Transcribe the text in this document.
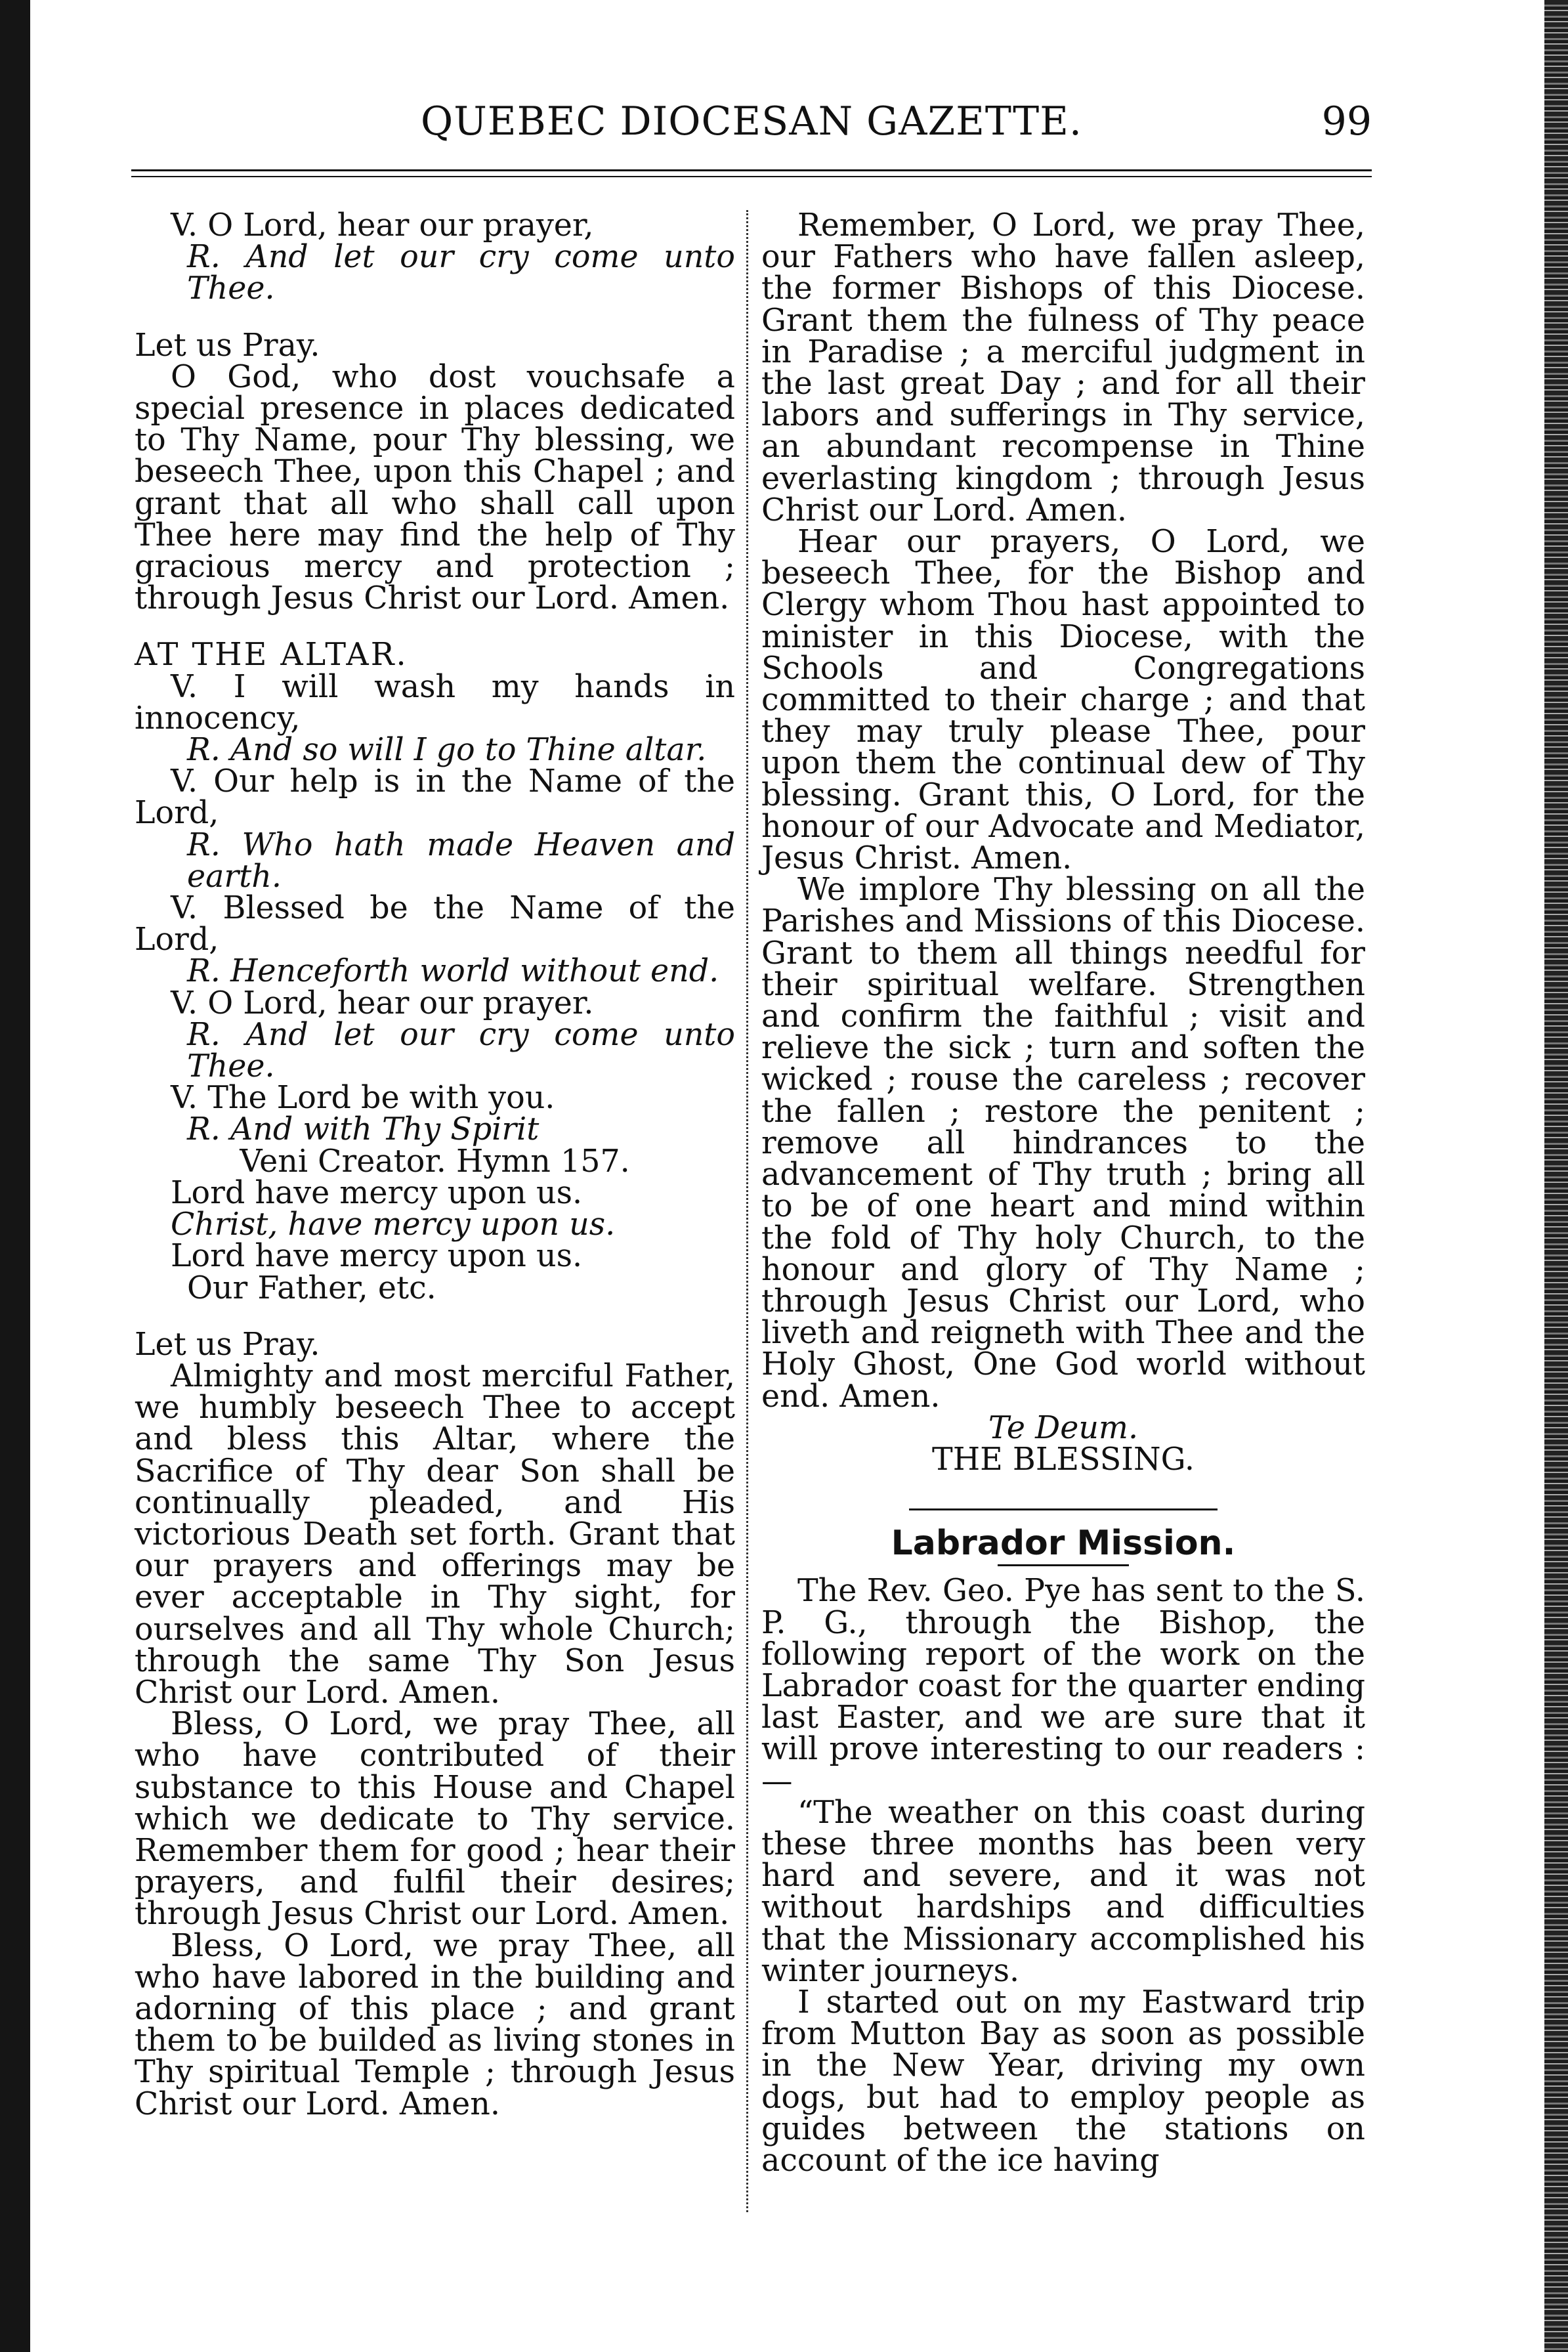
QUEBEC DIOCESAN GAZETTE.	99

V. O Lord, hear our prayer,

R. And let our cry come unto Thee.

Let us Pray.

O God, who dost vouchsafe a special presence in places dedicated to Thy Name, pour Thy blessing, we beseech Thee, upon this Chapel ; and grant that all who shall call upon Thee here may find the help of Thy gracious mercy and protection ; through Jesus Christ our Lord. Amen.

AT THE ALTAR.

V. I will wash my hands in innocency,

R. And so will I go to Thine altar.

V. Our help is in the Name of the Lord,

R. Who hath made Heaven and earth.

V. Blessed be the Name of the Lord,

R. Henceforth world without end.

V. O Lord, hear our prayer.

R. And let our cry come unto Thee.

V. The Lord be with you.

R. And with Thy Spirit

Veni Creator. Hymn 157.

Lord have mercy upon us.

Christ, have mercy upon us.

Lord have mercy upon us.

Our Father, etc.

Let us Pray.

Almighty and most merciful Father, we humbly beseech Thee to accept and bless this Altar, where the Sacrifice of Thy dear Son shall be continually pleaded, and His victorious Death set forth. Grant that our prayers and offerings may be ever acceptable in Thy sight, for ourselves and all Thy whole Church; through the same Thy Son Jesus Christ our Lord. Amen.

Bless, O Lord, we pray Thee, all who have contributed of their substance to this House and Chapel which we dedicate to Thy service. Remember them for good ; hear their prayers, and fulfil their desires; through Jesus Christ our Lord. Amen.

Bless, O Lord, we pray Thee, all who have labored in the building and adorning of this place ; and grant them to be builded as living stones in Thy spiritual Temple ; through Jesus Christ our Lord. Amen.

Remember, O Lord, we pray Thee, our Fathers who have fallen asleep, the former Bishops of this Diocese. Grant them the fulness of Thy peace in Paradise ; a merciful judgment in the last great Day ; and for all their labors and sufferings in Thy service, an abundant recompense in Thine everlasting kingdom ; through Jesus Christ our Lord. Amen.

Hear our prayers, O Lord, we beseech Thee, for the Bishop and Clergy whom Thou hast appointed to minister in this Diocese, with the Schools and Congregations committed to their charge ; and that they may truly please Thee, pour upon them the continual dew of Thy blessing. Grant this, O Lord, for the honour of our Advocate and Mediator, Jesus Christ. Amen.

We implore Thy blessing on all the Parishes and Missions of this Diocese. Grant to them all things needful for their spiritual welfare. Strengthen and confirm the faithful ; visit and relieve the sick ; turn and soften the wicked ; rouse the careless ; recover the fallen ; restore the penitent ; remove all hindrances to the advancement of Thy truth ; bring all to be of one heart and mind within the fold of Thy holy Church, to the honour and glory of Thy Name ; through Jesus Christ our Lord, who liveth and reigneth with Thee and the Holy Ghost, One God world without end. Amen.

Te Deum.

THE BLESSING.

Labrador Mission.

The Rev. Geo. Pye has sent to the S. P. G., through the Bishop, the following report of the work on the Labrador coast for the quarter ending last Easter, and we are sure that it will prove interesting to our readers :—

“The weather on this coast during these three months has been very hard and severe, and it was not without hardships and difficulties that the Missionary accomplished his winter journeys.

I started out on my Eastward trip from Mutton Bay as soon as possible in the New Year, driving my own dogs, but had to employ people as guides between the stations on account of the ice having
